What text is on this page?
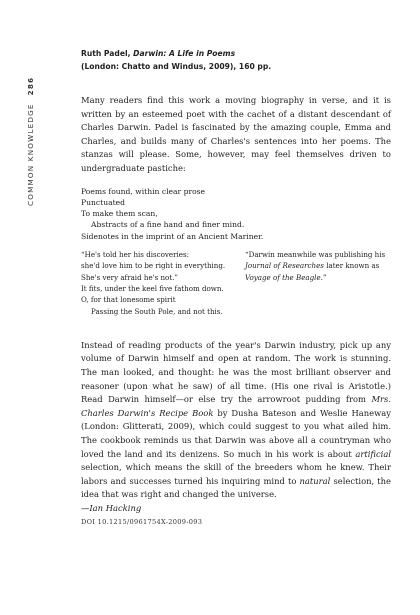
COMMON KNOWLEDGE286
Ruth Padel, Darwin: A Life in Poems
(London: Chatto and Windus, 2009), 160 pp.

Many readers find this work a moving biography in verse, and it is written by an esteemed poet with the cachet of a distant descendant of Charles Darwin. Padel is fascinated by the amazing couple, Emma and Charles, and builds many of Charles's sentences into her poems. The stanzas will please. Some, however, may feel themselves driven to undergraduate pastiche:

Poems found, within clear prose
Punctuated
To make them scan,
Abstracts of a fine hand and finer mind.
Sidenotes in the imprint of an Ancient Mariner.
“He's told her his discoveries:
she'd love him to be right in everything.
She's very afraid he's not.”
It fits, under the keel five fathom down.
O, for that lonesome spirit
Passing the South Pole, and not this.
“Darwin meanwhile was publishing his Journal of Researches later known as Voyage of the Beagle.”

Instead of reading products of the year's Darwin industry, pick up any volume of Darwin himself and open at random. The work is stunning. The man looked, and thought: he was the most brilliant observer and reasoner (upon what he saw) of all time. (His one rival is Aristotle.) Read Darwin himself—or else try the arrowroot pudding from Mrs. Charles Darwin's Recipe Book by Dusha Bateson and Weslie Haneway (London: Glitterati, 2009), which could suggest to you what ailed him. The cookbook reminds us that Darwin was above all a countryman who loved the land and its denizens. So much in his work is about artificial selection, which means the skill of the breeders whom he knew. Their labors and successes turned his inquiring mind to natural selection, the idea that was right and changed the universe.

—Ian Hacking
DOI 10.1215/0961754X-2009-093
